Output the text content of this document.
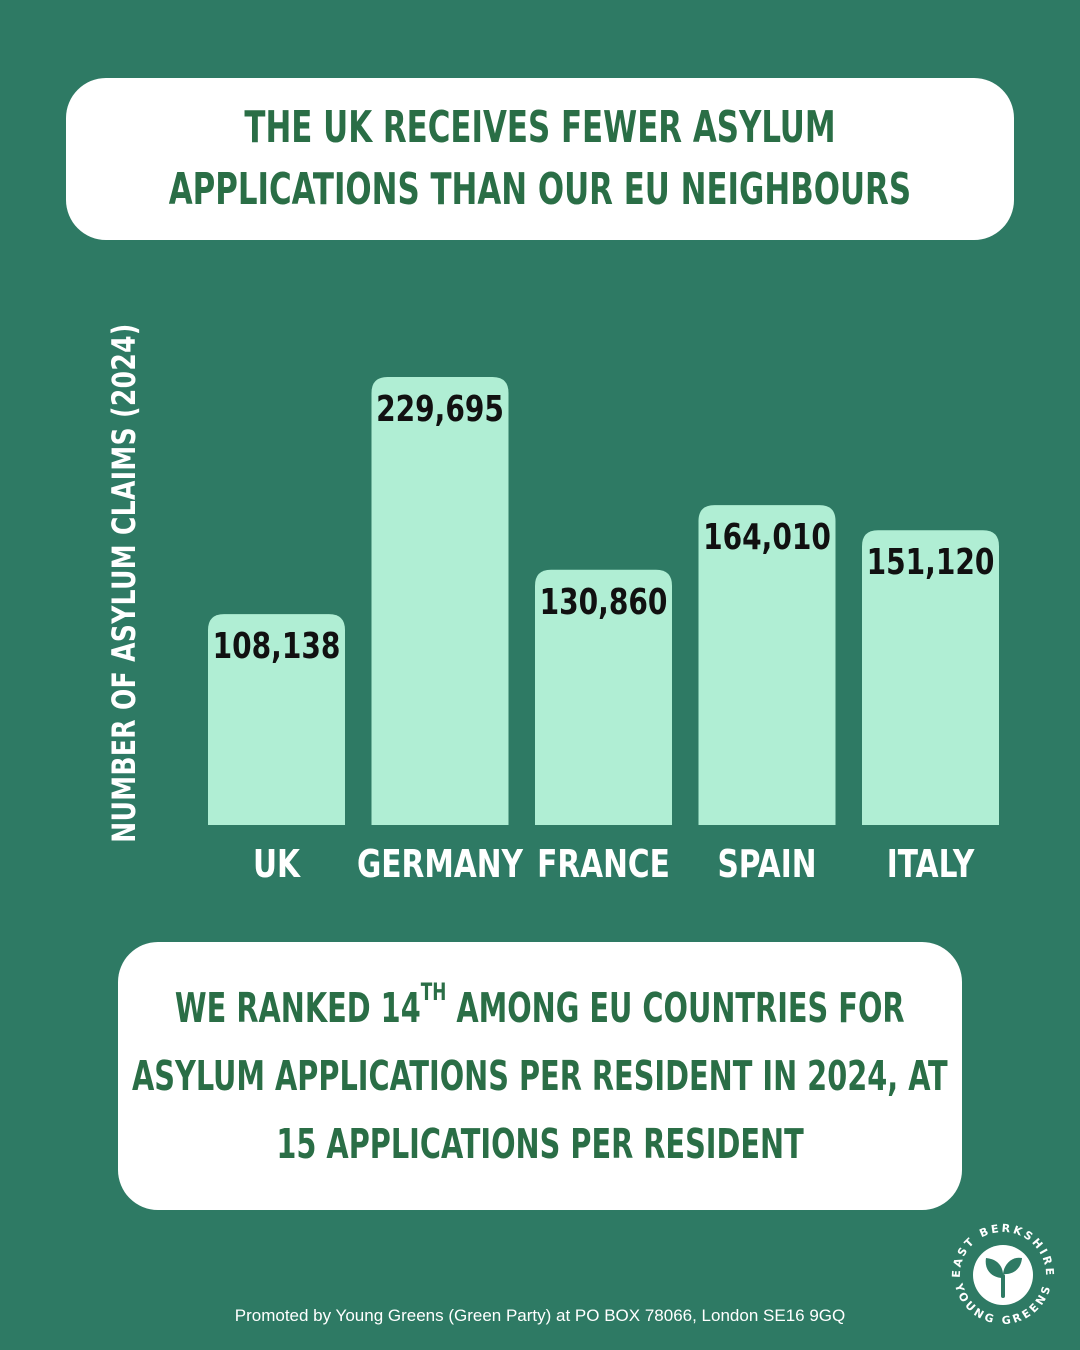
THE UK RECEIVES FEWER ASYLUM
APPLICATIONS THAN OUR EU NEIGHBOURS
NUMBER OF ASYLUM CLAIMS (2024) 108,138
UK
229,695
GERMANY
130,860
FRANCE
164,010
SPAIN
151,120
ITALY
WE RANKED 14TH AMONG EU COUNTRIES FOR
ASYLUM APPLICATIONS PER RESIDENT IN 2024, AT
15 APPLICATIONS PER RESIDENT
Promoted by Young Greens (Green Party) at PO BOX 78066, London SE16 9GQ
EAST BERKSHIRE
YOUNG GREENS
